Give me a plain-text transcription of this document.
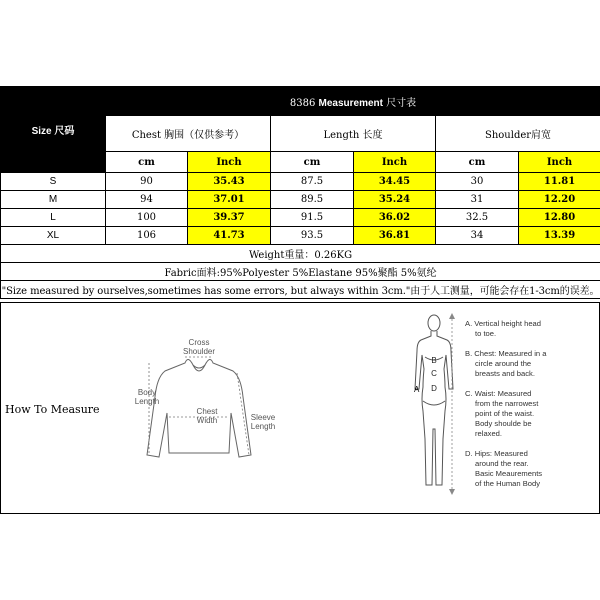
Size 尺码	8386 Measurement 尺寸表					
	Chest 胸围（仅供参考）		Length 长度		Shoulder肩宽	
	cm	Inch	cm	Inch	cm	Inch
S	90	35.43	87.5	34.45	30	11.81
M	94	37.01	89.5	35.24	31	12.20
L	100	39.37	91.5	36.02	32.5	12.80
XL	106	41.73	93.5	36.81	34	13.39
Weight重量：0.26KG						
Fabric面料:95%Polyester 5%Elastane 95%聚酯 5%氨纶						
"Size measured by ourselves,sometimes has some errors, but always within 3cm."由于人工测量，可能会存在1-3cm的误差。						
How To Measure
Cross
Shoulder
Body
Length
Chest
Width	Sleeve
Length
B
C
D
A
A. Vertical height head
to toe.
B. Chest: Measured in a
circle around the
breasts and back.
C. Waist: Measured
from the narrowest
point of the waist.
Body shoulde be
relaxed.
D. Hips: Measured
around the rear.
Basic Meaurements
of the Human Body
